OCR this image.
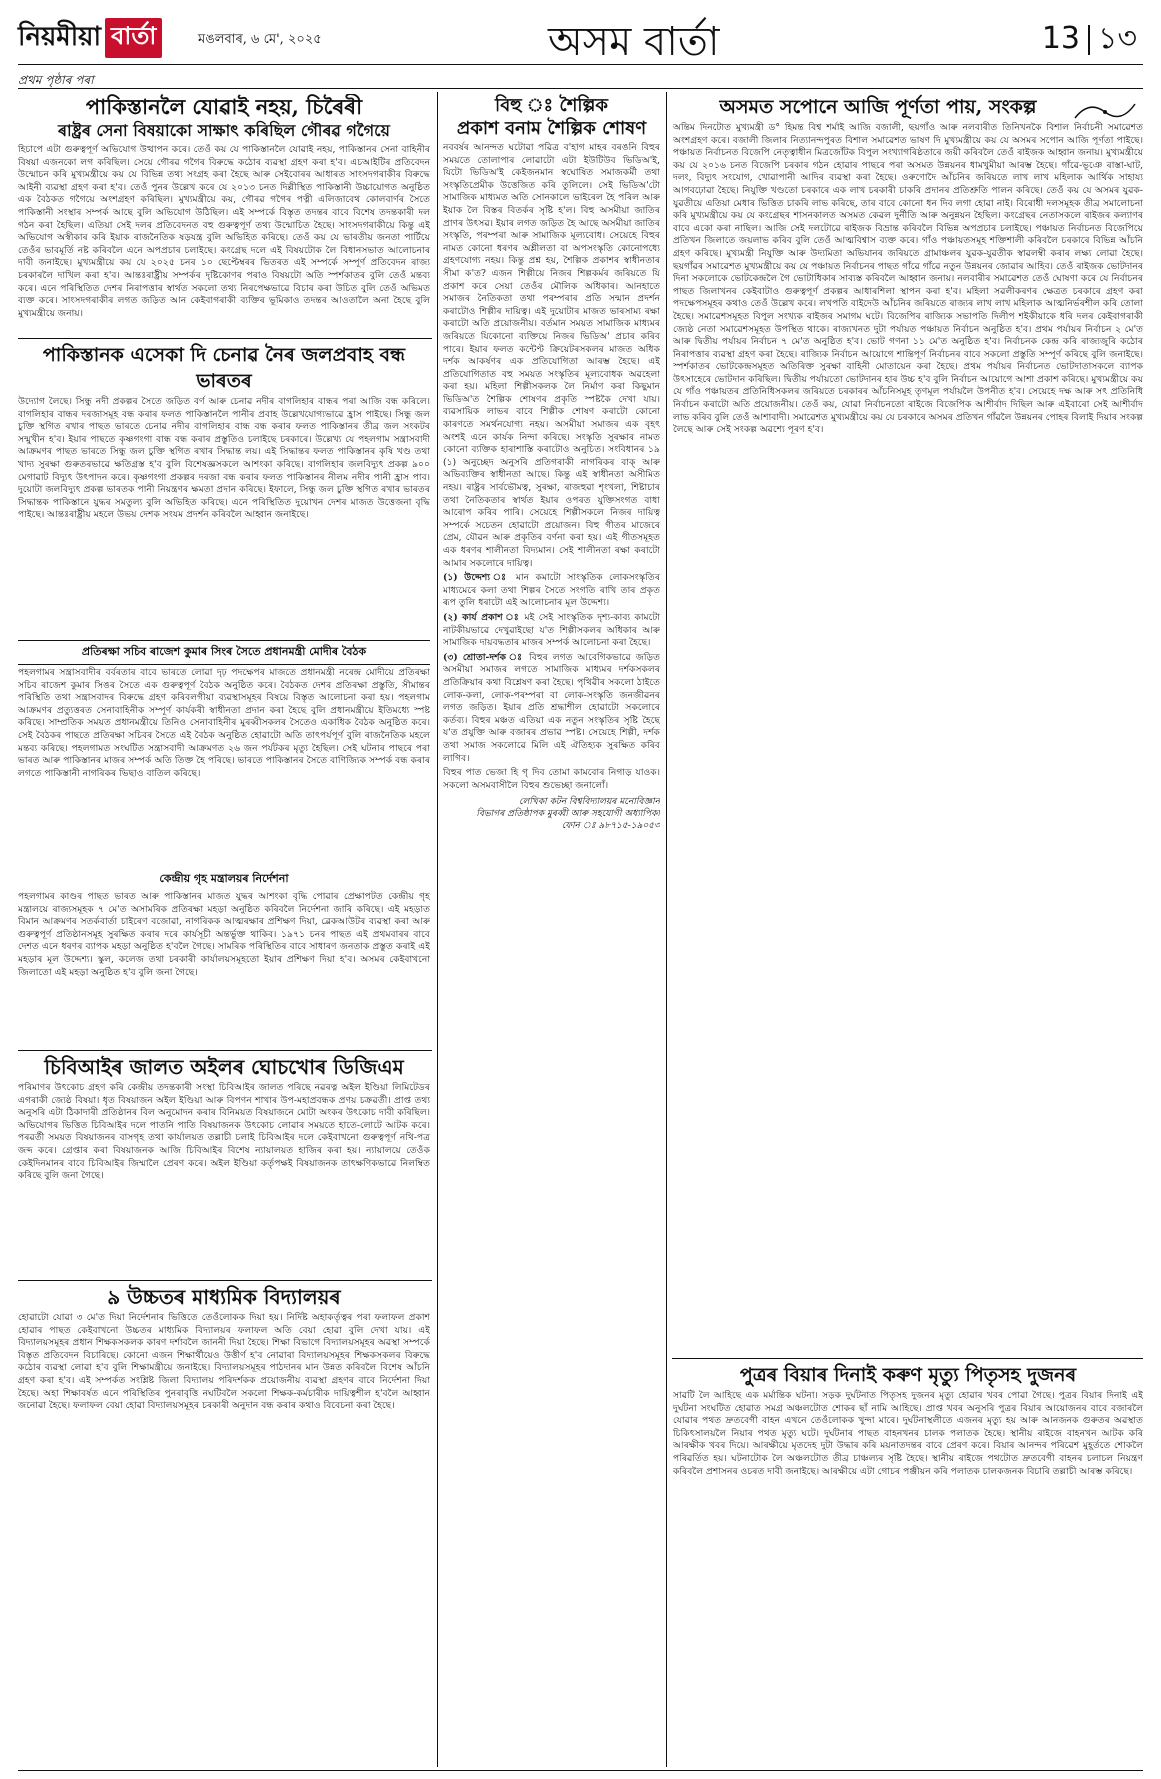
নিয়মীয়া বার্তা	মঙলবাৰ, ৬ মে', ২০২৫	অসম বাৰ্তা	13 ১৩
প্ৰথম পৃষ্ঠাৰ পৰা
পাকিস্তানলৈ যোৱাই নহয়, চিৰৈৰী
ৰাষ্ট্ৰৰ সেনা বিষয়াকো সাক্ষাৎ কৰিছিল গৌৰৱ গগৈয়ে

হিচাপে এটা গুৰুত্বপূৰ্ণ অভিযোগ উত্থাপন কৰে। তেওঁ কয় যে পাকিস্তানলৈ যোৱাই নহয়, পাকিস্তানৰ সেনা বাহিনীৰ বিষয়া এজনকো লগ কৰিছিল। সেয়ে গৌৰৱ গগৈৰ বিৰুদ্ধে কঠোৰ ব্যৱস্থা গ্ৰহণ কৰা হ'ব। এচআইটিৰ প্ৰতিবেদন উন্মোচন কৰি মুখ্যমন্ত্ৰীয়ে কয় যে বিভিন্ন তথ্য সংগ্ৰহ কৰা হৈছে আৰু সেইবোৰৰ আধাৰত সাংসদগৰাকীৰ বিৰুদ্ধে আইনী ব্যৱস্থা গ্ৰহণ কৰা হ'ব। তেওঁ পুনৰ উল্লেখ কৰে যে ২০১৩ চনত দিল্লীস্থিত পাকিস্তানী উচ্চায়োগত অনুষ্ঠিত এক বৈঠকত গগৈয়ে অংশগ্ৰহণ কৰিছিল। মুখ্যমন্ত্ৰীয়ে কয়, গৌৰৱ গগৈৰ পত্নী এলিজাবেথ কোলবাৰ্ণৰ সৈতে পাকিস্তানী সংস্থাৰ সম্পৰ্ক আছে বুলি অভিযোগ উঠিছিল। এই সম্পৰ্কে বিস্তৃত তদন্তৰ বাবে বিশেষ তদন্তকাৰী দল গঠন কৰা হৈছিল। এতিয়া সেই দলৰ প্ৰতিবেদনত বহু গুৰুত্বপূৰ্ণ তথ্য উন্মোচিত হৈছে। সাংসদগৰাকীয়ে কিন্তু এই অভিযোগ অস্বীকাৰ কৰি ইয়াক ৰাজনৈতিক ষড়যন্ত্ৰ বুলি অভিহিত কৰিছে। তেওঁ কয় যে ভাৰতীয় জনতা পাৰ্টিয়ে তেওঁৰ ভাবমূৰ্তি নষ্ট কৰিবলৈ এনে অপপ্ৰচাৰ চলাইছে। কংগ্ৰেছ দলে এই বিষয়টোক লৈ বিধানসভাত আলোচনাৰ দাবী জনাইছে। মুখ্যমন্ত্ৰীয়ে কয় যে ২০২৫ চনৰ ১০ ছেপ্টেম্বৰৰ ভিতৰত এই সম্পৰ্কে সম্পূৰ্ণ প্ৰতিবেদন ৰাজ্য চৰকাৰলৈ দাখিল কৰা হ'ব। আন্তঃৰাষ্ট্ৰীয় সম্পৰ্কৰ দৃষ্টিকোণৰ পৰাও বিষয়টো অতি স্পৰ্শকাতৰ বুলি তেওঁ মন্তব্য কৰে। এনে পৰিস্থিতিত দেশৰ নিৰাপত্তাৰ স্বাৰ্থত সকলো তথ্য নিৰপেক্ষভাৱে বিচাৰ কৰা উচিত বুলি তেওঁ অভিমত ব্যক্ত কৰে। সাংসদগৰাকীৰ লগত জড়িত আন কেইবাগৰাকী ব্যক্তিৰ ভূমিকাও তদন্তৰ আওতালৈ অনা হৈছে বুলি মুখ্যমন্ত্ৰীয়ে জনায়।

পাকিস্তানক এসেকা দি চেনাৱ নৈৰ জলপ্ৰবাহ বন্ধ ভাৰতৰ

উদ্যোগ লৈছে। সিন্ধু নদী প্ৰকল্পৰ সৈতে জড়িত বৰ্ণ আৰু চেনাৱ নদীৰ বাগলিহাৰ বান্ধৰ পৰা আজি বন্ধ কৰিলে। বাগলিহাৰ বান্ধৰ দৰজাসমূহ বন্ধ কৰাৰ ফলত পাকিস্তানলৈ পানীৰ প্ৰবাহ উল্লেখযোগ্যভাৱে হ্ৰাস পাইছে। সিন্ধু জল চুক্তি স্থগিত ৰখাৰ পাছত ভাৰতে চেনাৱ নদীৰ বাগলিহাৰ বান্ধ বন্ধ কৰাৰ ফলত পাকিস্তানৰ তীব্ৰ জল সংকটৰ সন্মুখীন হ'ব। ইয়াৰ পাছতে কৃষ্ণগংগা বান্ধ বন্ধ কৰাৰ প্ৰস্তুতিও চলাইছে চৰকাৰে। উল্লেখ্য যে পহলগাম সন্ত্ৰাসবাদী আক্ৰমণৰ পাছত ভাৰতে সিন্ধু জল চুক্তি স্থগিত ৰখাৰ সিদ্ধান্ত লয়। এই সিদ্ধান্তৰ ফলত পাকিস্তানৰ কৃষি খণ্ড তথা খাদ্য সুৰক্ষা গুৰুতৰভাৱে ক্ষতিগ্ৰস্ত হ'ব বুলি বিশেষজ্ঞসকলে আশংকা কৰিছে। বাগলিহাৰ জলবিদ্যুৎ প্ৰকল্প ৯০০ মেগাৱাট বিদ্যুৎ উৎপাদন কৰে। কৃষ্ণগংগা প্ৰকল্পৰ দৰজা বন্ধ কৰাৰ ফলত পাকিস্তানৰ নীলম নদীৰ পানী হ্ৰাস পাব। দুয়োটা জলবিদ্যুৎ প্ৰকল্প ভাৰতক পানী নিয়ন্ত্ৰণৰ ক্ষমতা প্ৰদান কৰিছে। ইফালে, সিন্ধু জল চুক্তি স্থগিত ৰখাৰ ভাৰতৰ সিদ্ধান্তক পাকিস্তানে যুদ্ধৰ সমতুল্য বুলি অভিহিত কৰিছে। এনে পৰিস্থিতিত দুয়োখন দেশৰ মাজত উত্তেজনা বৃদ্ধি পাইছে। আন্তঃৰাষ্ট্ৰীয় মহলে উভয় দেশক সংযম প্ৰদৰ্শন কৰিবলৈ আহ্বান জনাইছে।

প্ৰতিৰক্ষা সচিব ৰাজেশ কুমাৰ সিংৰ সৈতে প্ৰধানমন্ত্ৰী মোদীৰ বৈঠক

পহলগামৰ সন্ত্ৰাসবাদীৰ বৰ্বৰতাৰ বাবে ভাৰতে লোৱা দৃঢ় পদক্ষেপৰ মাজতে প্ৰধানমন্ত্ৰী নৰেন্দ্ৰ মোদীয়ে প্ৰতিৰক্ষা সচিব ৰাজেশ কুমাৰ সিঙৰ সৈতে এক গুৰুত্বপূৰ্ণ বৈঠক অনুষ্ঠিত কৰে। বৈঠকত দেশৰ প্ৰতিৰক্ষা প্ৰস্তুতি, সীমান্তৰ পৰিস্থিতি তথা সন্ত্ৰাসবাদৰ বিৰুদ্ধে গ্ৰহণ কৰিবলগীয়া ব্যৱস্থাসমূহৰ বিষয়ে বিস্তৃত আলোচনা কৰা হয়। পহলগাম আক্ৰমণৰ প্ৰত্যুত্তৰত সেনাবাহিনীক সম্পূৰ্ণ কাৰ্যকৰী স্বাধীনতা প্ৰদান কৰা হৈছে বুলি প্ৰধানমন্ত্ৰীয়ে ইতিমধ্যে স্পষ্ট কৰিছে। সাম্প্ৰতিক সময়ত প্ৰধানমন্ত্ৰীয়ে তিনিও সেনাবাহিনীৰ মুৰব্বীসকলৰ সৈতেও একাধিক বৈঠক অনুষ্ঠিত কৰে। সেই বৈঠকৰ পাছতে প্ৰতিৰক্ষা সচিবৰ সৈতে এই বৈঠক অনুষ্ঠিত হোৱাটো অতি তাৎপৰ্যপূৰ্ণ বুলি ৰাজনৈতিক মহলে মন্তব্য কৰিছে। পহলগামত সংঘটিত সন্ত্ৰাসবাদী আক্ৰমণত ২৬ জন পৰ্যটকৰ মৃত্যু হৈছিল। সেই ঘটনাৰ পাছৰে পৰা ভাৰত আৰু পাকিস্তানৰ মাজৰ সম্পৰ্ক অতি তিক্ত হৈ পৰিছে। ভাৰতে পাকিস্তানৰ সৈতে বাণিজ্যিক সম্পৰ্ক বন্ধ কৰাৰ লগতে পাকিস্তানী নাগৰিকৰ ভিছাও বাতিল কৰিছে।

কেন্দ্ৰীয় গৃহ মন্ত্ৰালয়ৰ নিৰ্দেশনা

পহলগামৰ কাণ্ডৰ পাছত ভাৰত আৰু পাকিস্তানৰ মাজত যুদ্ধৰ আশংকা বৃদ্ধি পোৱাৰ প্ৰেক্ষাপটত কেন্দ্ৰীয় গৃহ মন্ত্ৰালয়ে ৰাজ্যসমূহক ৭ মে'ত অসামৰিক প্ৰতিৰক্ষা মহড়া অনুষ্ঠিত কৰিবলৈ নিৰ্দেশনা জাৰি কৰিছে। এই মহড়াত বিমান আক্ৰমণৰ সতৰ্কবাৰ্তা চাইৰেণ বজোৱা, নাগৰিকক আত্মৰক্ষাৰ প্ৰশিক্ষণ দিয়া, ব্লেকআউটৰ ব্যৱস্থা কৰা আৰু গুৰুত্বপূৰ্ণ প্ৰতিষ্ঠানসমূহ সুৰক্ষিত কৰাৰ দৰে কাৰ্যসূচী অন্তৰ্ভুক্ত থাকিব। ১৯৭১ চনৰ পাছত এই প্ৰথমবাৰৰ বাবে দেশত এনে ধৰণৰ ব্যাপক মহড়া অনুষ্ঠিত হ'বলৈ গৈছে। সামৰিক পৰিস্থিতিৰ বাবে সাধাৰণ জনতাক প্ৰস্তুত কৰাই এই মহড়াৰ মূল উদ্দেশ্য। স্কুল, কলেজ তথা চৰকাৰী কাৰ্যালয়সমূহতো ইয়াৰ প্ৰশিক্ষণ দিয়া হ'ব। অসমৰ কেইবাখনো জিলাতো এই মহড়া অনুষ্ঠিত হ'ব বুলি জনা গৈছে।

চিবিআইৰ জালত অইলৰ ঘোচখোৰ ডিজিএম

পৰিমাণৰ উৎকোচ গ্ৰহণ কৰি কেন্দ্ৰীয় তদন্তকাৰী সংস্থা চিবিআইৰ জালত পৰিছে নৱৰত্ন অইল ইণ্ডিয়া লিমিটেডৰ এগৰাকী জ্যেষ্ঠ বিষয়া। ধৃত বিষয়াজন অইল ইণ্ডিয়া আৰু বিপণন শাখাৰ উপ-মহাপ্ৰবন্ধক প্ৰণয় চক্ৰৱৰ্তী। প্ৰাপ্ত তথ্য অনুসৰি এটা ঠিকাদাৰী প্ৰতিষ্ঠানৰ বিল অনুমোদন কৰাৰ বিনিময়ত বিষয়াজনে মোটা অংকৰ উৎকোচ দাবী কৰিছিল। অভিযোগৰ ভিত্তিত চিবিআইৰ দলে পাতনি পাতি বিষয়াজনক উৎকোচ লোৱাৰ সময়তে হাতে-লোটে আটক কৰে। পৰৱৰ্তী সময়ত বিষয়াজনৰ বাসগৃহ তথা কাৰ্যালয়ত তল্লাচী চলাই চিবিআইৰ দলে কেইবাখনো গুৰুত্বপূৰ্ণ নথি-পত্ৰ জব্দ কৰে। গ্ৰেপ্তাৰ কৰা বিষয়াজনক আজি চিবিআইৰ বিশেষ ন্যায়ালয়ত হাজিৰ কৰা হয়। ন্যায়ালয়ে তেওঁক কেইদিনমানৰ বাবে চিবিআইৰ জিম্মালৈ প্ৰেৰণ কৰে। অইল ইণ্ডিয়া কৰ্তৃপক্ষই বিষয়াজনক তাৎক্ষণিকভাৱে নিলম্বিত কৰিছে বুলি জনা গৈছে।

৯ উচ্চতৰ মাধ্যমিক বিদ্যালয়ৰ

হোৱাটো যোৱা ৩ মে'ত দিয়া নিৰ্দেশনাৰ ভিত্তিতে তেওঁলোকক দিয়া হয়। নিৰ্দিষ্ট অহাকৰ্তৃত্বৰ পৰা ফলাফল প্ৰকাশ হোৱাৰ পাছত কেইবাখনো উচ্চতৰ মাধ্যমিক বিদ্যালয়ৰ ফলাফল অতি বেয়া হোৱা বুলি দেখা যায়। এই বিদ্যালয়সমূহৰ প্ৰধান শিক্ষকসকলক কাৰণ দৰ্শাবলৈ জাননী দিয়া হৈছে। শিক্ষা বিভাগে বিদ্যালয়সমূহৰ অৱস্থা সম্পৰ্কে বিস্তৃত প্ৰতিবেদন বিচাৰিছে। কোনো এজন শিক্ষাৰ্থীয়েও উত্তীৰ্ণ হ'ব নোৱাৰা বিদ্যালয়সমূহৰ শিক্ষকসকলৰ বিৰুদ্ধে কঠোৰ ব্যৱস্থা লোৱা হ'ব বুলি শিক্ষামন্ত্ৰীয়ে জনাইছে। বিদ্যালয়সমূহৰ পাঠদানৰ মান উন্নত কৰিবলৈ বিশেষ আঁচনি গ্ৰহণ কৰা হ'ব। এই সম্পৰ্কত সংশ্লিষ্ট জিলা বিদ্যালয় পৰিদৰ্শকক প্ৰয়োজনীয় ব্যৱস্থা গ্ৰহণৰ বাবে নিৰ্দেশনা দিয়া হৈছে। অহা শিক্ষাবৰ্ষত এনে পৰিস্থিতিৰ পুনৰাবৃত্তি নঘটিবলৈ সকলো শিক্ষক-কৰ্মচাৰীক দায়িত্বশীল হ'বলৈ আহ্বান জনোৱা হৈছে। ফলাফল বেয়া হোৱা বিদ্যালয়সমূহৰ চৰকাৰী অনুদান বন্ধ কৰাৰ কথাও বিবেচনা কৰা হৈছে।

বিহু ঃ শৈল্পিক
প্ৰকাশ বনাম শৈল্পিক শোষণ

নববৰ্ষৰ আনন্দত ঘটোৱা পৱিত্ৰ ব'হাগ মাহৰ বৰঙনি বিহুৰ সময়তে তোলাপাৰ লোৱাটো এটা ইউটিউব ভিডিঅ'ই, যিটো ভিডিঅ'ই কেইজনমান স্বঘোষিত সমাজকৰ্মী তথা সংস্কৃতিপ্ৰেমীক উত্তেজিত কৰি তুলিলে। সেই ভিডিঅ'টো সামাজিক মাধ্যমত অতি সোনকালে ভাইৰেল হৈ পৰিল আৰু ইয়াক লৈ বিস্তৰ বিতৰ্কৰ সৃষ্টি হ'ল। বিহু অসমীয়া জাতিৰ প্ৰাণৰ উৎসৱ। ইয়াৰ লগত জড়িত হৈ আছে অসমীয়া জাতিৰ সংস্কৃতি, পৰম্পৰা আৰু সামাজিক মূল্যবোধ। সেয়েহে বিহুৰ নামত কোনো ধৰণৰ অশ্লীলতা বা অপসংস্কৃতি কোনোপধ্যে গ্ৰহণযোগ্য নহয়। কিন্তু প্ৰশ্ন হয়, শৈল্পিক প্ৰকাশৰ স্বাধীনতাৰ সীমা ক'ত? এজন শিল্পীয়ে নিজৰ শিল্পকৰ্মৰ জৰিয়তে যি প্ৰকাশ কৰে সেয়া তেওঁৰ মৌলিক অধিকাৰ। আনহাতে সমাজৰ নৈতিকতা তথা পৰম্পৰাৰ প্ৰতি সন্মান প্ৰদৰ্শন কৰাটোও শিল্পীৰ দায়িত্ব। এই দুয়োটাৰ মাজত ভাৰসাম্য ৰক্ষা কৰাটো অতি প্ৰয়োজনীয়। বৰ্তমান সময়ত সামাজিক মাধ্যমৰ জৰিয়তে যিকোনো ব্যক্তিয়ে নিজৰ ভিডিঅ' প্ৰচাৰ কৰিব পাৰে। ইয়াৰ ফলত কন্টেণ্ট ক্ৰিয়েটৰসকলৰ মাজত অধিক দৰ্শক আকৰ্ষণৰ এক প্ৰতিযোগিতা আৰম্ভ হৈছে। এই প্ৰতিযোগিতাত বহু সময়ত সংস্কৃতিৰ মূল্যবোধক অৱহেলা কৰা হয়। মহিলা শিল্পীসকলক লৈ নিৰ্মাণ কৰা কিছুমান ভিডিঅ'ত শৈল্পিক শোষণৰ প্ৰকৃতি স্পষ্টকৈ দেখা যায়। ব্যৱসায়িক লাভৰ বাবে শিল্পীক শোষণ কৰাটো কোনো কাৰণতে সমৰ্থনযোগ্য নহয়। অসমীয়া সমাজৰ এক বৃহৎ অংশই এনে কাৰ্যক নিন্দা কৰিছে। সংস্কৃতি সুৰক্ষাৰ নামত কোনো ব্যক্তিক হাৰাশাস্তি কৰাটোও অনুচিত। সংবিধানৰ ১৯ (১) অনুচ্ছেদ অনুসৰি প্ৰতিগৰাকী নাগৰিকৰ বাক্ আৰু অভিব্যক্তিৰ স্বাধীনতা আছে। কিন্তু এই স্বাধীনতা অসীমিত নহয়। ৰাষ্ট্ৰৰ সাৰ্বভৌমত্ব, সুৰক্ষা, ৰাজহুৱা শৃংখলা, শিষ্টাচাৰ তথা নৈতিকতাৰ স্বাৰ্থত ইয়াৰ ওপৰত যুক্তিসংগত বাধা আৰোপ কৰিব পাৰি। সেয়েহে শিল্পীসকলে নিজৰ দায়িত্ব সম্পৰ্কে সচেতন হোৱাটো প্ৰয়োজন। বিহু গীতৰ মাজেৰে প্ৰেম, যৌৱন আৰু প্ৰকৃতিৰ বৰ্ণনা কৰা হয়। এই গীতসমূহত এক ধৰণৰ শালীনতা বিদ্যমান। সেই শালীনতা ৰক্ষা কৰাটো আমাৰ সকলোৰে দায়িত্ব।

(১) উদ্দেশ্য ঃ মান কমাটো সাংস্কৃতিক লোকসংস্কৃতিৰ মাধ্যমেৰে কলা তথা শিল্পৰ সৈতে সংগতি ৰাখি তাৰ প্ৰকৃত ৰূপ তুলি ধৰাটো এই আলোচনাৰ মূল উদ্দেশ্য।

(২) কাৰ্য প্ৰকাশ ঃ মই সেই সাংস্কৃতিক দৃশ্য-কাব্য কামটো নাটকীয়ভাৱে দেখুৱাইছো য'ত শিল্পীসকলৰ অধিকাৰ আৰু সামাজিক দায়বদ্ধতাৰ মাজৰ সম্পৰ্ক আলোচনা কৰা হৈছে।

(৩) শ্ৰোতা-দৰ্শক ঃ বিহুৰ লগত আবেগিকভাৱে জড়িত অসমীয়া সমাজৰ লগতে সামাজিক মাধ্যমৰ দৰ্শকসকলৰ প্ৰতিক্ৰিয়াৰ কথা বিশ্লেষণ কৰা হৈছে। পৃথিৱীৰ সকলো ঠাইতে লোক-কলা, লোক-পৰম্পৰা বা লোক-সংস্কৃতি জনজীৱনৰ লগত জড়িত। ইয়াৰ প্ৰতি শ্ৰদ্ধাশীল হোৱাটো সকলোৰে কৰ্তব্য। বিহুৰ মঞ্চত এতিয়া এক নতুন সংস্কৃতিৰ সৃষ্টি হৈছে য'ত প্ৰযুক্তি আৰু বজাৰৰ প্ৰভাৱ স্পষ্ট। সেয়েহে শিল্পী, দৰ্শক তথা সমাজ সকলোৱে মিলি এই ঐতিহ্যক সুৰক্ষিত কৰিব লাগিব।

বিহুৰ পাত ভেজা হি গৃ দিব তোমা কামবোৰ নিগাড় যাওক। সকলো অসমবাসীলৈ বিহুৰ শুভেচ্ছা জনালোঁ।

লেখিকা কটন বিশ্ববিদ্যালয়ৰ মনোবিজ্ঞান
বিভাগৰ প্ৰতিষ্ঠাপক মুৰব্বী আৰু সহযোগী অধ্যাপিকা
ফোন ঃ ৯৮৭১৫-১৯০৫৩
অসমত সপোনে আজি পূৰ্ণতা পায়, সংকল্প

অন্তিম দিনটোত মুখ্যমন্ত্ৰী ড° হিমন্ত বিশ্ব শৰ্মাই আজি বজালী, ছয়গাঁও আৰু নলবাৰীত তিনিখনকৈ বিশাল নিৰ্বাচনী সমাৱেশত অংশগ্ৰহণ কৰে। বজালী জিলাৰ নিত্যানন্দপুৰত বিশাল সমাৱেশত ভাষণ দি মুখ্যমন্ত্ৰীয়ে কয় যে অসমৰ সপোন আজি পূৰ্ণতা পাইছে। পঞ্চায়ত নিৰ্বাচনত বিজেপি নেতৃত্বাধীন মিত্ৰজোঁটক বিপুল সংখ্যাগৰিষ্ঠতাৰে জয়ী কৰিবলৈ তেওঁ ৰাইজক আহ্বান জনায়। মুখ্যমন্ত্ৰীয়ে কয় যে ২০১৬ চনত বিজেপি চৰকাৰ গঠন হোৱাৰ পাছৰে পৰা অসমত উন্নয়নৰ ধামখুমীয়া আৰম্ভ হৈছে। গাঁৱে-ভূঞে ৰাস্তা-ঘাট, দলং, বিদ্যুৎ সংযোগ, খোৱাপানী আদিৰ ব্যৱস্থা কৰা হৈছে। ওৰুণোদৈ আঁচনিৰ জৰিয়তে লাখ লাখ মহিলাক আৰ্থিক সাহায্য আগবঢ়োৱা হৈছে। নিযুক্তি খণ্ডতো চৰকাৰে এক লাখ চৰকাৰী চাকৰি প্ৰদানৰ প্ৰতিশ্ৰুতি পালন কৰিছে। তেওঁ কয় যে অসমৰ যুৱক-যুৱতীয়ে এতিয়া মেধাৰ ভিত্তিত চাকৰি লাভ কৰিছে, তাৰ বাবে কোনো ধন দিব লগা হোৱা নাই। বিৰোধী দলসমূহক তীব্ৰ সমালোচনা কৰি মুখ্যমন্ত্ৰীয়ে কয় যে কংগ্ৰেছৰ শাসনকালত অসমত কেৱল দুৰ্নীতি আৰু অনুন্নয়ন হৈছিল। কংগ্ৰেছৰ নেতাসকলে ৰাইজৰ কল্যাণৰ বাবে একো কৰা নাছিল। আজি সেই দলটোৱে ৰাইজক বিভ্ৰান্ত কৰিবলৈ বিভিন্ন অপপ্ৰচাৰ চলাইছে। পঞ্চায়ত নিৰ্বাচনত বিজেপিয়ে প্ৰতিখন জিলাতে জয়লাভ কৰিব বুলি তেওঁ আত্মবিশ্বাস ব্যক্ত কৰে। গাঁও পঞ্চায়তসমূহ শক্তিশালী কৰিবলৈ চৰকাৰে বিভিন্ন আঁচনি গ্ৰহণ কৰিছে। মুখ্যমন্ত্ৰী নিযুক্তি আৰু উদ্যমিতা অভিযানৰ জৰিয়তে গ্ৰামাঞ্চলৰ যুৱক-যুৱতীক স্বাৱলম্বী কৰাৰ লক্ষ্য লোৱা হৈছে। ছয়গাঁৱৰ সমাৱেশত মুখ্যমন্ত্ৰীয়ে কয় যে পঞ্চায়ত নিৰ্বাচনৰ পাছত গাঁৱে গাঁৱে নতুন উন্নয়নৰ জোৱাৰ আহিব। তেওঁ ৰাইজক ভোটদানৰ দিনা সকলোকে ভোটকেন্দ্ৰলৈ গৈ ভোটাধিকাৰ সাব্যস্ত কৰিবলৈ আহ্বান জনায়। নলবাৰীৰ সমাৱেশত তেওঁ ঘোষণা কৰে যে নিৰ্বাচনৰ পাছত জিলাখনৰ কেইবাটাও গুৰুত্বপূৰ্ণ প্ৰকল্পৰ আধাৰশিলা স্থাপন কৰা হ'ব। মহিলা সৱলীকৰণৰ ক্ষেত্ৰত চৰকাৰে গ্ৰহণ কৰা পদক্ষেপসমূহৰ কথাও তেওঁ উল্লেখ কৰে। লখপতি বাইদেউ আঁচনিৰ জৰিয়তে ৰাজ্যৰ লাখ লাখ মহিলাক আত্মনিৰ্ভৰশীল কৰি তোলা হৈছে। সমাৱেশসমূহত বিপুল সংখ্যক ৰাইজৰ সমাগম ঘটে। বিজেপিৰ ৰাজ্যিক সভাপতি দিলীপ শইকীয়াকে ধৰি দলৰ কেইবাগৰাকী জ্যেষ্ঠ নেতা সমাৱেশসমূহত উপস্থিত থাকে। ৰাজ্যখনত দুটা পৰ্যায়ত পঞ্চায়ত নিৰ্বাচন অনুষ্ঠিত হ'ব। প্ৰথম পৰ্যায়ৰ নিৰ্বাচন ২ মে'ত আৰু দ্বিতীয় পৰ্যায়ৰ নিৰ্বাচন ৭ মে'ত অনুষ্ঠিত হ'ব। ভোট গণনা ১১ মে'ত অনুষ্ঠিত হ'ব। নিৰ্বাচনক কেন্দ্ৰ কৰি ৰাজ্যজুৰি কঠোৰ নিৰাপত্তাৰ ব্যৱস্থা গ্ৰহণ কৰা হৈছে। ৰাজ্যিক নিৰ্বাচন আয়োগে শান্তিপূৰ্ণ নিৰ্বাচনৰ বাবে সকলো প্ৰস্তুতি সম্পূৰ্ণ কৰিছে বুলি জনাইছে। স্পৰ্শকাতৰ ভোটকেন্দ্ৰসমূহত অতিৰিক্ত সুৰক্ষা বাহিনী মোতায়েন কৰা হৈছে। প্ৰথম পৰ্যায়ৰ নিৰ্বাচনত ভোটদাতাসকলে ব্যাপক উৎসাহেৰে ভোটদান কৰিছিল। দ্বিতীয় পৰ্যায়তো ভোটদানৰ হাৰ উচ্চ হ'ব বুলি নিৰ্বাচন আয়োগে আশা প্ৰকাশ কৰিছে। মুখ্যমন্ত্ৰীয়ে কয় যে গাঁও পঞ্চায়তৰ প্ৰতিনিধিসকলৰ জৰিয়তে চৰকাৰৰ আঁচনিসমূহ তৃণমূল পৰ্যায়লৈ উপনীত হ'ব। সেয়েহে দক্ষ আৰু সৎ প্ৰতিনিধি নিৰ্বাচন কৰাটো অতি প্ৰয়োজনীয়। তেওঁ কয়, যোৱা নিৰ্বাচনতো ৰাইজে বিজেপিক আশীৰ্বাদ দিছিল আৰু এইবাৰো সেই আশীৰ্বাদ লাভ কৰিব বুলি তেওঁ আশাবাদী। সমাৱেশত মুখ্যমন্ত্ৰীয়ে কয় যে চৰকাৰে অসমৰ প্ৰতিখন গাঁৱলৈ উন্নয়নৰ পোহৰ বিলাই দিয়াৰ সংকল্প লৈছে আৰু সেই সংকল্প অৱশ্যে পূৰণ হ'ব।

পুত্ৰৰ বিয়াৰ দিনাই কৰুণ মৃত্যু পিতৃসহ দুজনৰ

সাৱটি লৈ আহিছে এক মৰ্মান্তিক ঘটনা। সড়ক দুৰ্ঘটনাত পিতৃসহ দুজনৰ মৃত্যু হোৱাৰ খবৰ পোৱা গৈছে। পুত্ৰৰ বিয়াৰ দিনাই এই দুৰ্ঘটনা সংঘটিত হোৱাত সমগ্ৰ অঞ্চলটোত শোকৰ ছাঁ নামি আহিছে। প্ৰাপ্ত খবৰ অনুসৰি পুত্ৰৰ বিয়াৰ আয়োজনৰ বাবে বজাৰলৈ যোৱাৰ পথত দ্ৰুতবেগী বাহন এখনে তেওঁলোকক খুন্দা মাৰে। দুৰ্ঘটনাস্থলীতে এজনৰ মৃত্যু হয় আৰু আনজনক গুৰুতৰ অৱস্থাত চিকিৎসালয়লৈ নিয়াৰ পথত মৃত্যু ঘটে। দুৰ্ঘটনাৰ পাছত বাহনখনৰ চালক পলাতক হৈছে। স্থানীয় ৰাইজে বাহনখন আটক কৰি আৰক্ষীক খবৰ দিয়ে। আৰক্ষীয়ে মৃতদেহ দুটা উদ্ধাৰ কৰি ময়নাতদন্তৰ বাবে প্ৰেৰণ কৰে। বিয়াৰ আনন্দৰ পৰিৱেশ মুহূৰ্ততে শোকলৈ পৰিৱৰ্তিত হয়। ঘটনাটোক লৈ অঞ্চলটোত তীব্ৰ চাঞ্চল্যৰ সৃষ্টি হৈছে। স্থানীয় ৰাইজে পথটোত দ্ৰুতবেগী বাহনৰ চলাচল নিয়ন্ত্ৰণ কৰিবলৈ প্ৰশাসনৰ ওচৰত দাবী জনাইছে। আৰক্ষীয়ে এটা গোচৰ পঞ্জীয়ন কৰি পলাতক চালকজনক বিচাৰি তল্লাচী আৰম্ভ কৰিছে।
